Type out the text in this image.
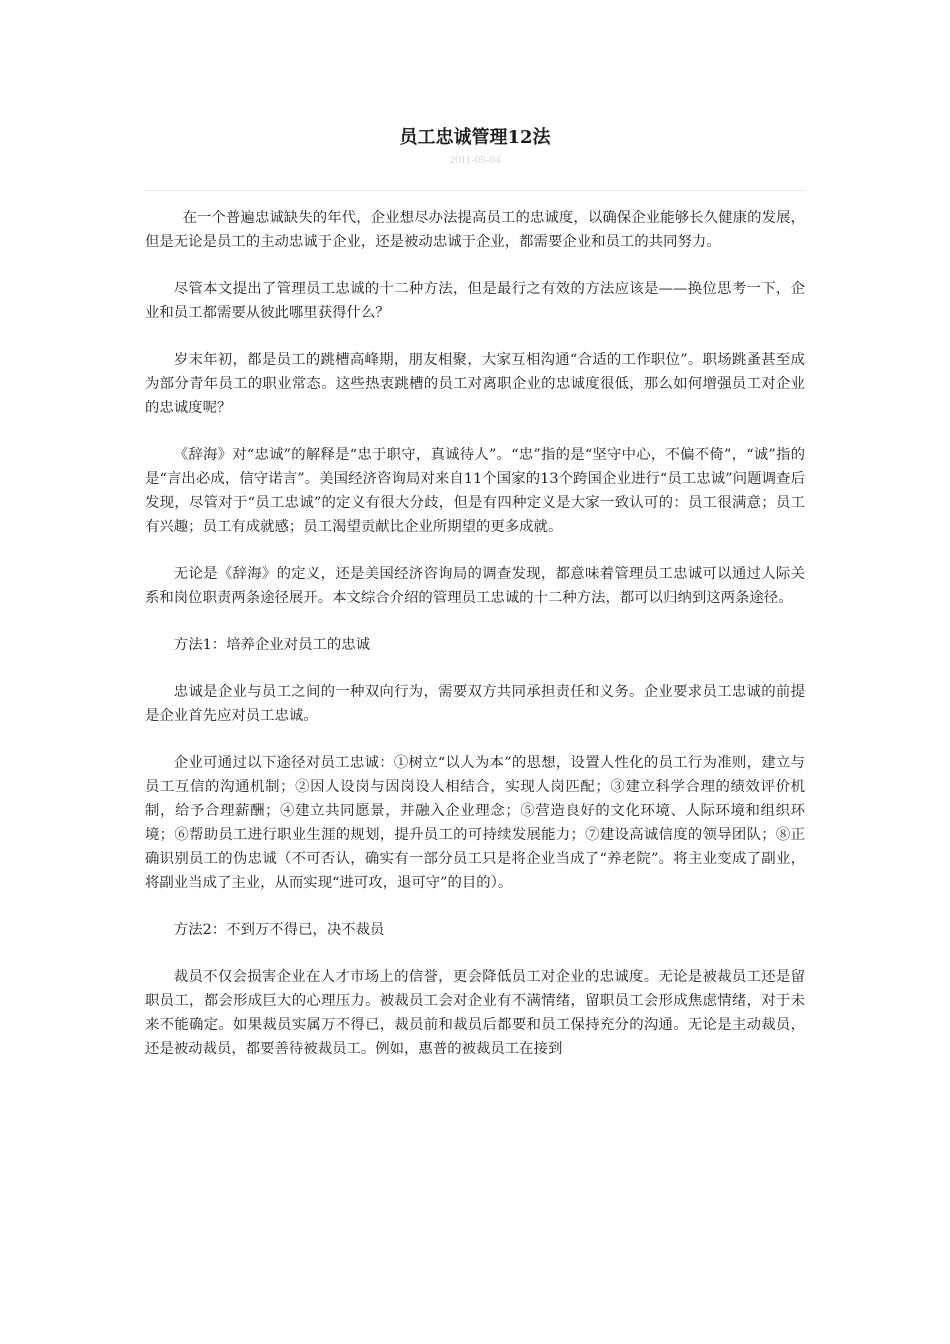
员工忠诚管理12法
2011-05-04

在一个普遍忠诚缺失的年代，企业想尽办法提高员工的忠诚度，以确保企业能够长久健康的发展，但是无论是员工的主动忠诚于企业，还是被动忠诚于企业，都需要企业和员工的共同努力。

尽管本文提出了管理员工忠诚的十二种方法，但是最行之有效的方法应该是——换位思考一下，企业和员工都需要从彼此哪里获得什么？

岁末年初，都是员工的跳槽高峰期，朋友相聚，大家互相沟通“合适的工作职位”。职场跳蚤甚至成为部分青年员工的职业常态。这些热衷跳槽的员工对离职企业的忠诚度很低，那么如何增强员工对企业的忠诚度呢？

《辞海》对“忠诚”的解释是“忠于职守，真诚待人”。“忠”指的是“坚守中心，不偏不倚”，“诚”指的是“言出必成，信守诺言”。美国经济咨询局对来自11个国家的13个跨国企业进行“员工忠诚”问题调查后发现，尽管对于“员工忠诚”的定义有很大分歧，但是有四种定义是大家一致认可的：员工很满意；员工有兴趣；员工有成就感；员工渴望贡献比企业所期望的更多成就。

无论是《辞海》的定义，还是美国经济咨询局的调查发现，都意味着管理员工忠诚可以通过人际关系和岗位职责两条途径展开。本文综合介绍的管理员工忠诚的十二种方法，都可以归纳到这两条途径。

方法1：培养企业对员工的忠诚

忠诚是企业与员工之间的一种双向行为，需要双方共同承担责任和义务。企业要求员工忠诚的前提是企业首先应对员工忠诚。

企业可通过以下途径对员工忠诚：①树立“以人为本”的思想，设置人性化的员工行为准则，建立与员工互信的沟通机制；②因人设岗与因岗设人相结合，实现人岗匹配；③建立科学合理的绩效评价机制，给予合理薪酬；④建立共同愿景，并融入企业理念；⑤营造良好的文化环境、人际环境和组织环境；⑥帮助员工进行职业生涯的规划，提升员工的可持续发展能力；⑦建设高诚信度的领导团队；⑧正确识别员工的伪忠诚（不可否认，确实有一部分员工只是将企业当成了“养老院”。将主业变成了副业，将副业当成了主业，从而实现“进可攻，退可守”的目的）。

方法2：不到万不得已，决不裁员

裁员不仅会损害企业在人才市场上的信誉，更会降低员工对企业的忠诚度。无论是被裁员工还是留职员工，都会形成巨大的心理压力。被裁员工会对企业有不满情绪，留职员工会形成焦虑情绪，对于未来不能确定。如果裁员实属万不得已，裁员前和裁员后都要和员工保持充分的沟通。无论是主动裁员，还是被动裁员，都要善待被裁员工。例如，惠普的被裁员工在接到
